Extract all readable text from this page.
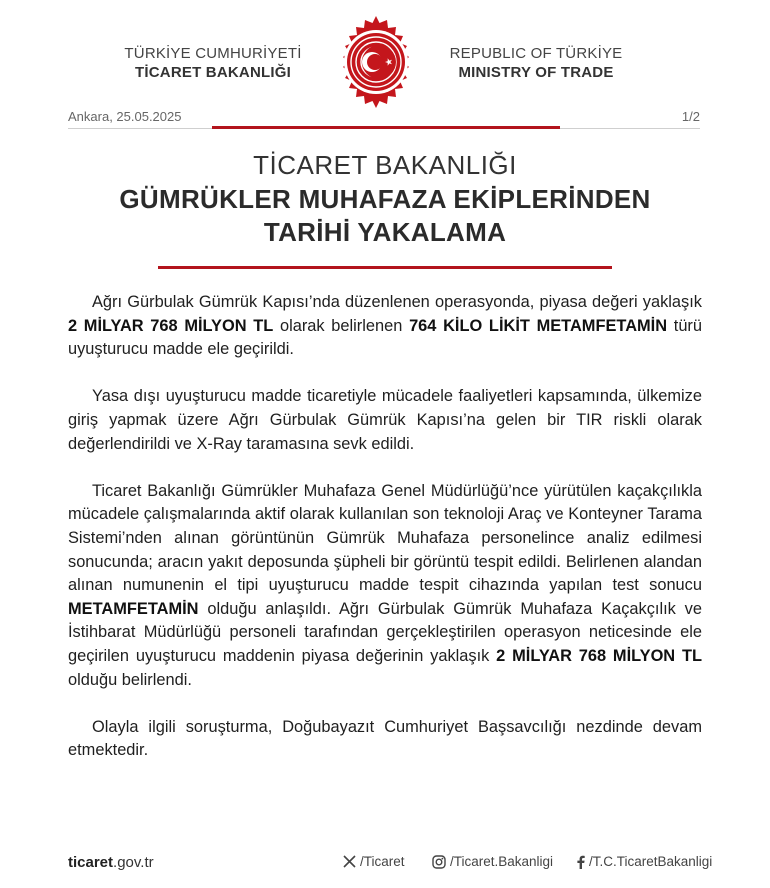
TÜRKİYE CUMHURİYETİ
TİCARET BAKANLIĞI
REPUBLIC OF TÜRKİYE
MINISTRY OF TRADE
Ankara, 25.05.2025	1/2
TİCARET BAKANLIĞI
GÜMRÜKLER MUHAFAZA EKİPLERİNDEN
TARİHİ YAKALAMA

Ağrı Gürbulak Gümrük Kapısı’nda düzenlenen operasyonda, piyasa değeri yaklaşık 2 MİLYAR 768 MİLYON TL olarak belirlenen 764 KİLO LİKİT METAMFETAMİN türü uyuşturucu madde ele geçirildi.

Yasa dışı uyuşturucu madde ticaretiyle mücadele faaliyetleri kapsamında, ülkemize giriş yapmak üzere Ağrı Gürbulak Gümrük Kapısı’na gelen bir TIR riskli olarak değerlendirildi ve X-Ray taramasına sevk edildi.

Ticaret Bakanlığı Gümrükler Muhafaza Genel Müdürlüğü’nce yürütülen kaçakçılıkla mücadele çalışmalarında aktif olarak kullanılan son teknoloji Araç ve Konteyner Tarama Sistemi’nden alınan görüntünün Gümrük Muhafaza personelince analiz edilmesi sonucunda; aracın yakıt deposunda şüpheli bir görüntü tespit edildi. Belirlenen alandan alınan numunenin el tipi uyuşturucu madde tespit cihazında yapılan test sonucu METAMFETAMİN olduğu anlaşıldı. Ağrı Gürbulak Gümrük Muhafaza Kaçakçılık ve İstihbarat Müdürlüğü personeli tarafından gerçekleştirilen operasyon neticesinde ele geçirilen uyuşturucu maddenin piyasa değerinin yaklaşık 2 MİLYAR 768 MİLYON TL olduğu belirlendi.

Olayla ilgili soruşturma, Doğubayazıt Cumhuriyet Başsavcılığı nezdinde devam etmektedir.

ticaret.gov.tr	/Ticaret	/Ticaret.Bakanligi	/T.C.TicaretBakanligi
